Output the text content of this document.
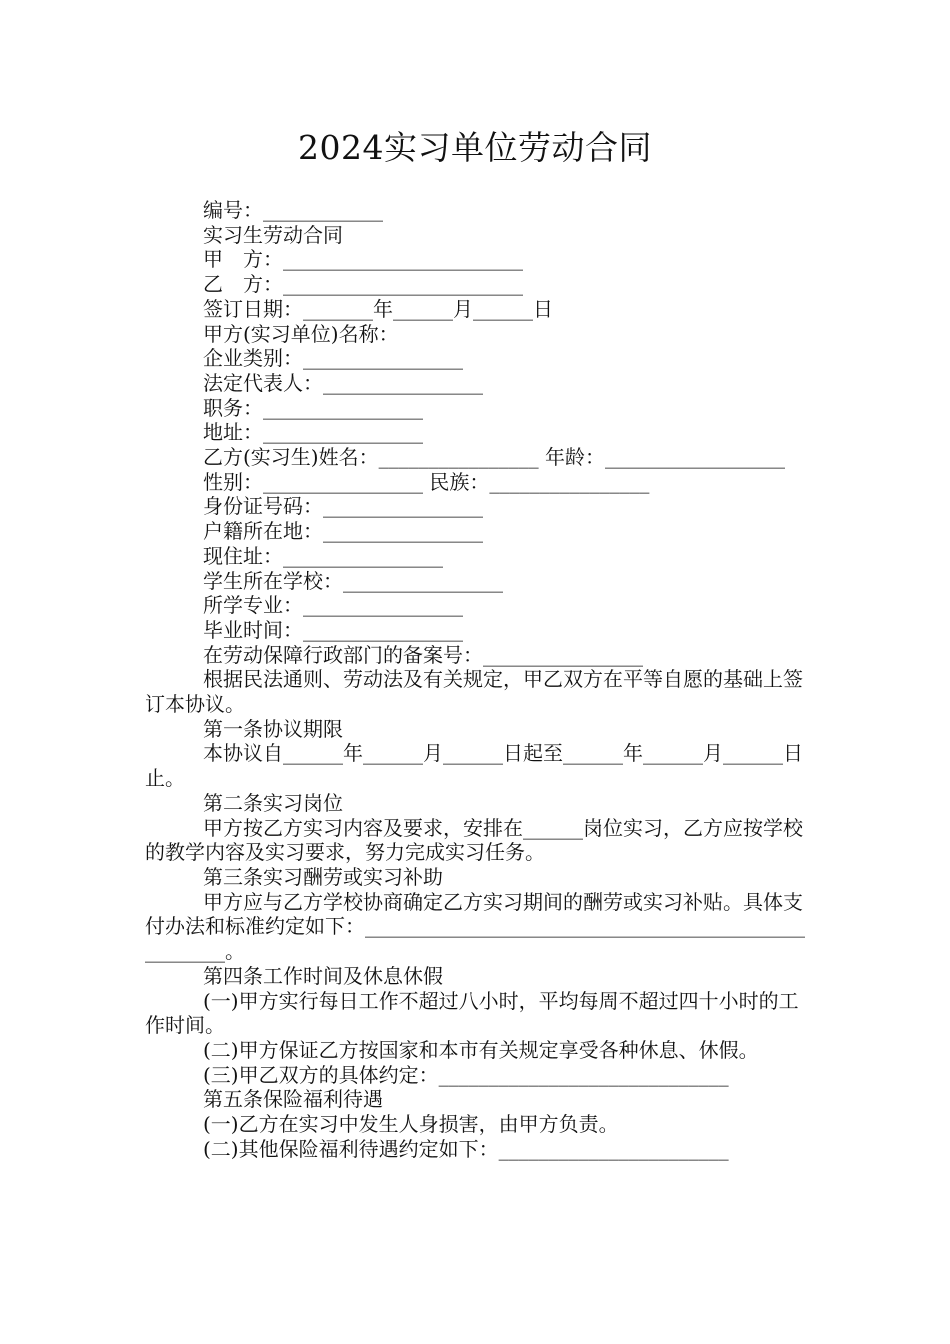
2024实习单位劳动合同

编号：____________

实习生劳动合同

甲　方：________________________

乙　方：________________________

签订日期：_______年______月______日

甲方(实习单位)名称：

企业类别：________________

法定代表人：________________

职务：________________

地址：________________

乙方(实习生)姓名：________________ 年龄：__________________

性别：________________ 民族：________________

身份证号码：________________

户籍所在地：________________

现住址：________________

学生所在学校：________________

所学专业：________________

毕业时间：________________

在劳动保障行政部门的备案号：________________

根据民法通则、劳动法及有关规定，甲乙双方在平等自愿的基础上签订本协议。

第一条协议期限

本协议自______年______月______日起至______年______月______日止。

第二条实习岗位

甲方按乙方实习内容及要求，安排在______岗位实习，乙方应按学校的教学内容及实习要求，努力完成实习任务。

第三条实习酬劳或实习补助

甲方应与乙方学校协商确定乙方实习期间的酬劳或实习补贴。具体支付办法和标准约定如下：____________________________________________________。

第四条工作时间及休息休假

(一)甲方实行每日工作不超过八小时，平均每周不超过四十小时的工作时间。

(二)甲方保证乙方按国家和本市有关规定享受各种休息、休假。

(三)甲乙双方的具体约定：_____________________________

第五条保险福利待遇

(一)乙方在实习中发生人身损害，由甲方负责。

(二)其他保险福利待遇约定如下：_______________________
